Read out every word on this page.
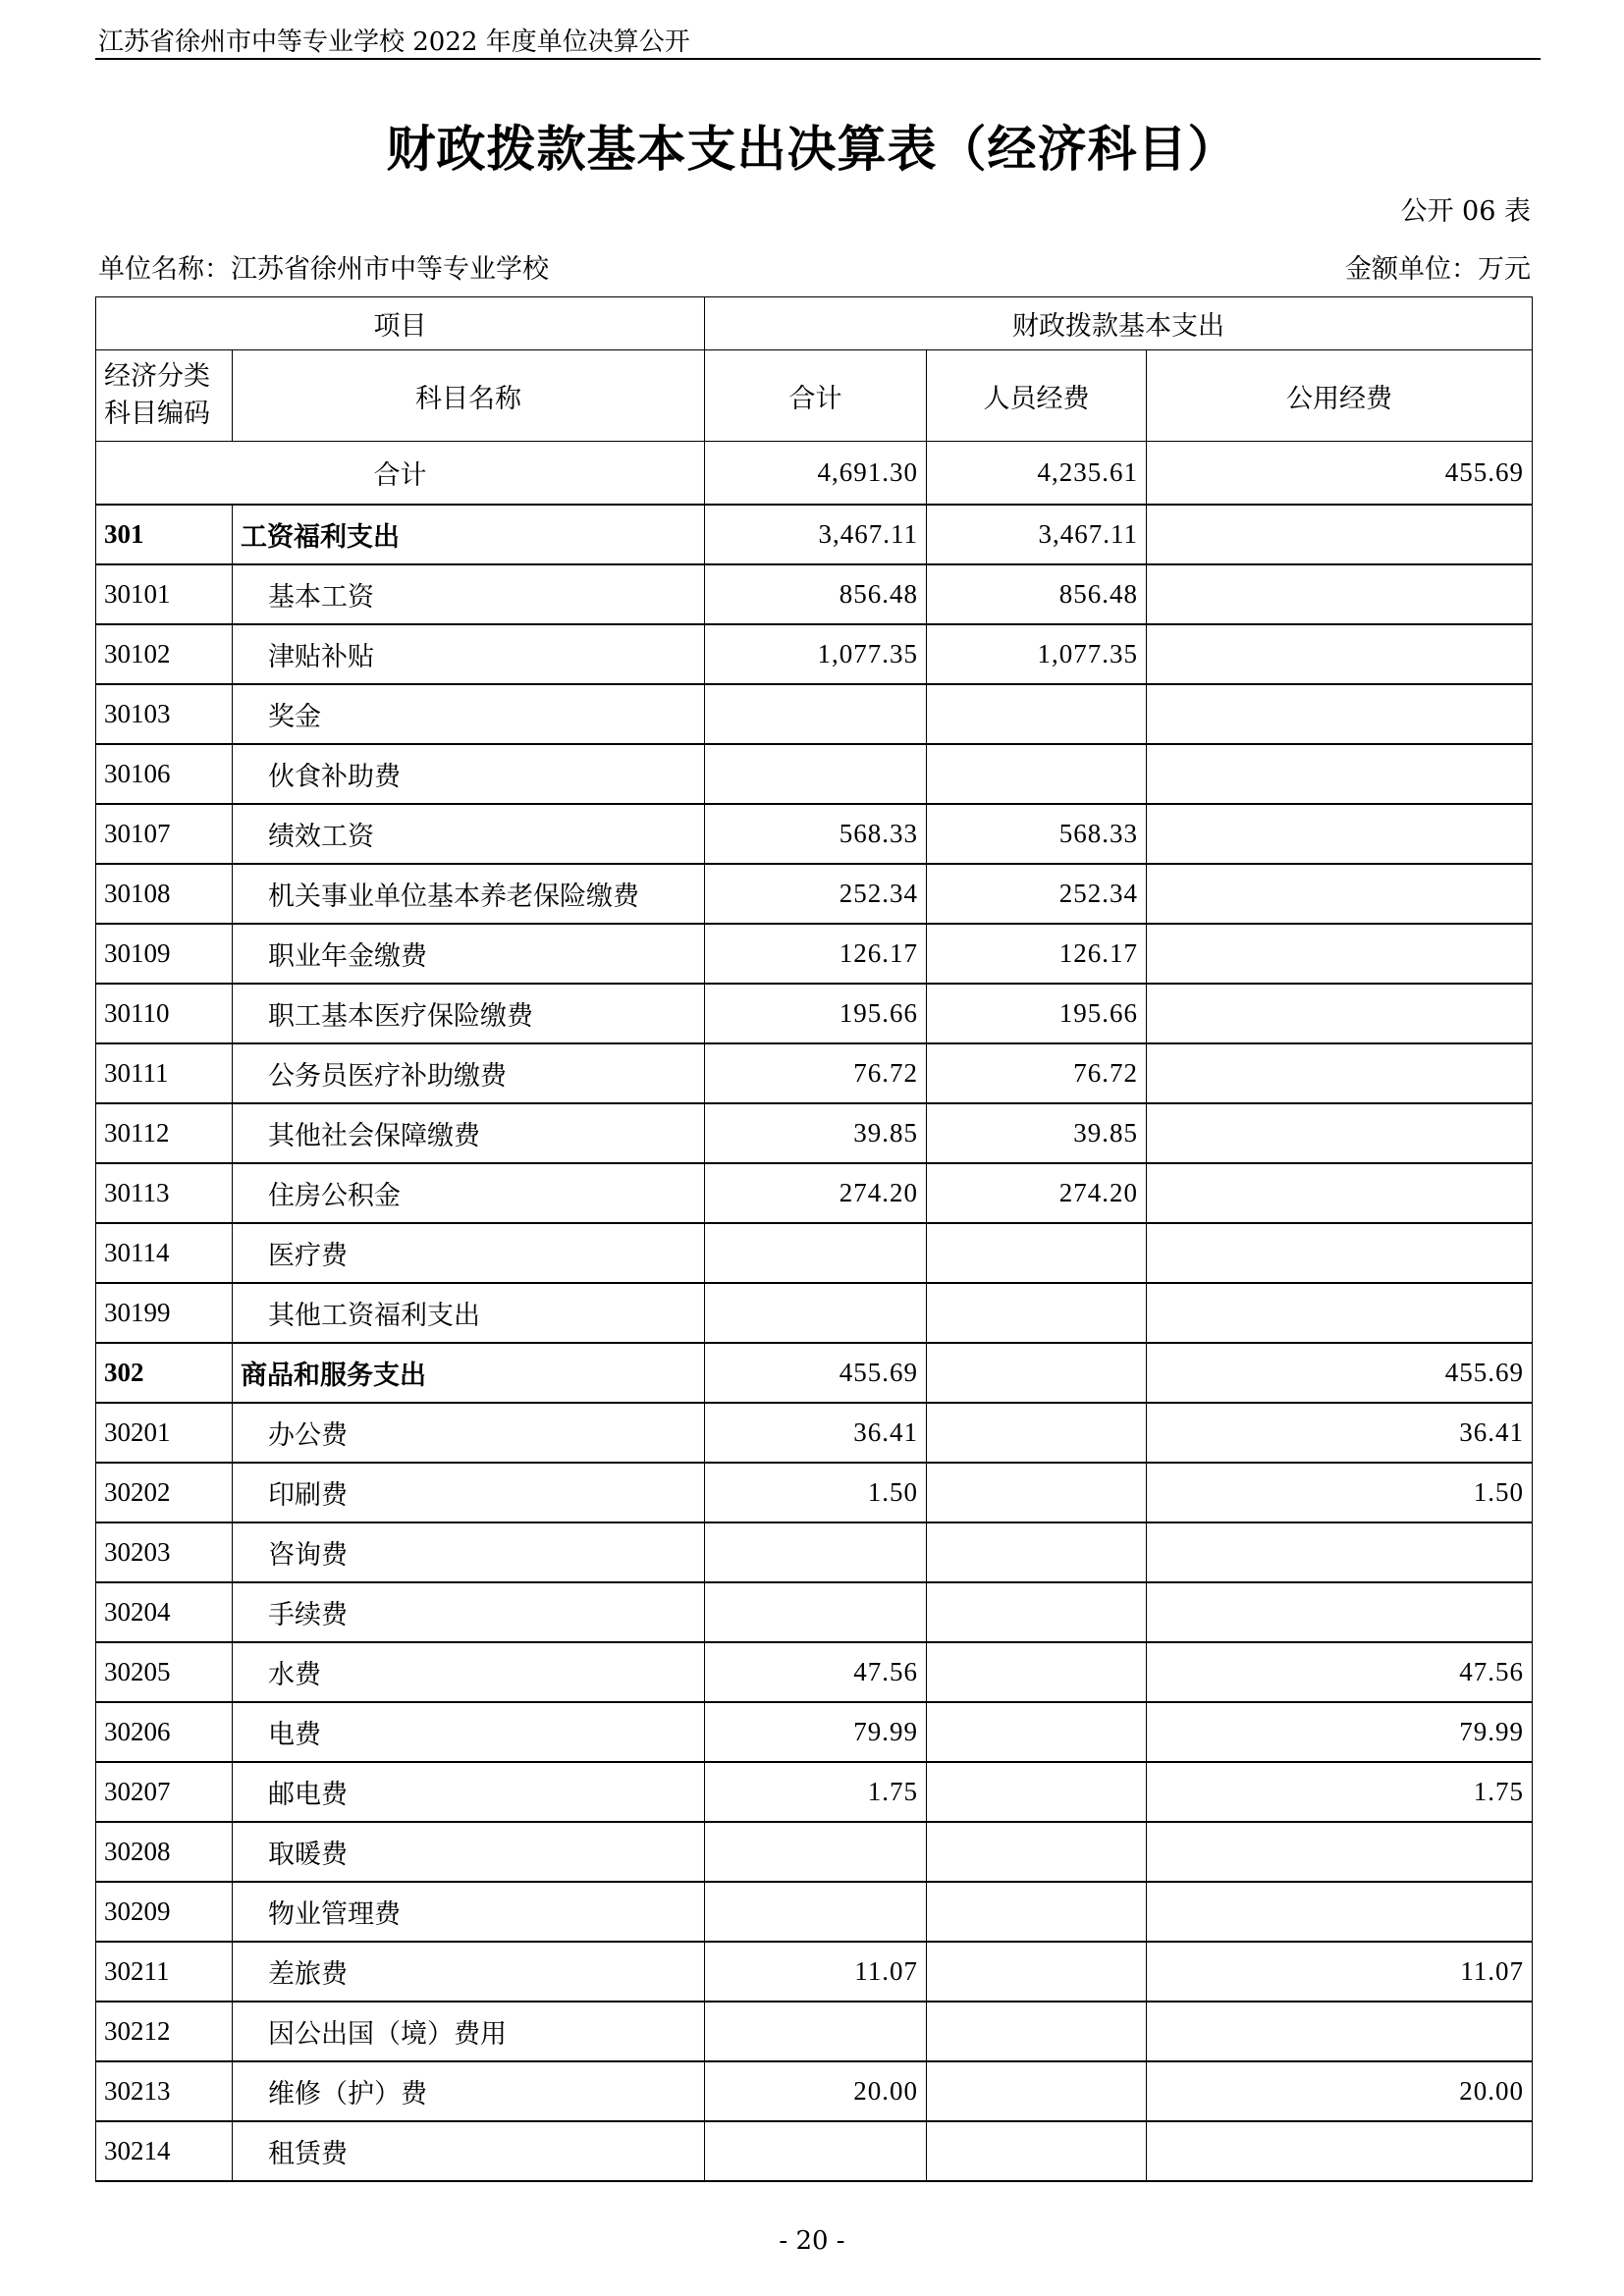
江苏省徐州市中等专业学校 2022 年度单位决算公开
财政拨款基本支出决算表（经济科目）
公开 06 表
单位名称：江苏省徐州市中等专业学校	金额单位：万元
项目		财政拨款基本支出		

经济分类
科目编码	科目名称	合计	人员经费	公用经费
合计		4,691.30	4,235.61	455.69
301	工资福利支出	3,467.11	3,467.11	
30101	基本工资	856.48	856.48	
30102	津贴补贴	1,077.35	1,077.35	
30103	奖金			
30106	伙食补助费			
30107	绩效工资	568.33	568.33	
30108	机关事业单位基本养老保险缴费	252.34	252.34	
30109	职业年金缴费	126.17	126.17	
30110	职工基本医疗保险缴费	195.66	195.66	
30111	公务员医疗补助缴费	76.72	76.72	
30112	其他社会保障缴费	39.85	39.85	
30113	住房公积金	274.20	274.20	
30114	医疗费			
30199	其他工资福利支出			
302	商品和服务支出	455.69		455.69
30201	办公费	36.41		36.41
30202	印刷费	1.50		1.50
30203	咨询费			
30204	手续费			
30205	水费	47.56		47.56
30206	电费	79.99		79.99
30207	邮电费	1.75		1.75
30208	取暖费			
30209	物业管理费			
30211	差旅费	11.07		11.07
30212	因公出国（境）费用			
30213	维修（护）费	20.00		20.00
30214	租赁费			
- 20 -
